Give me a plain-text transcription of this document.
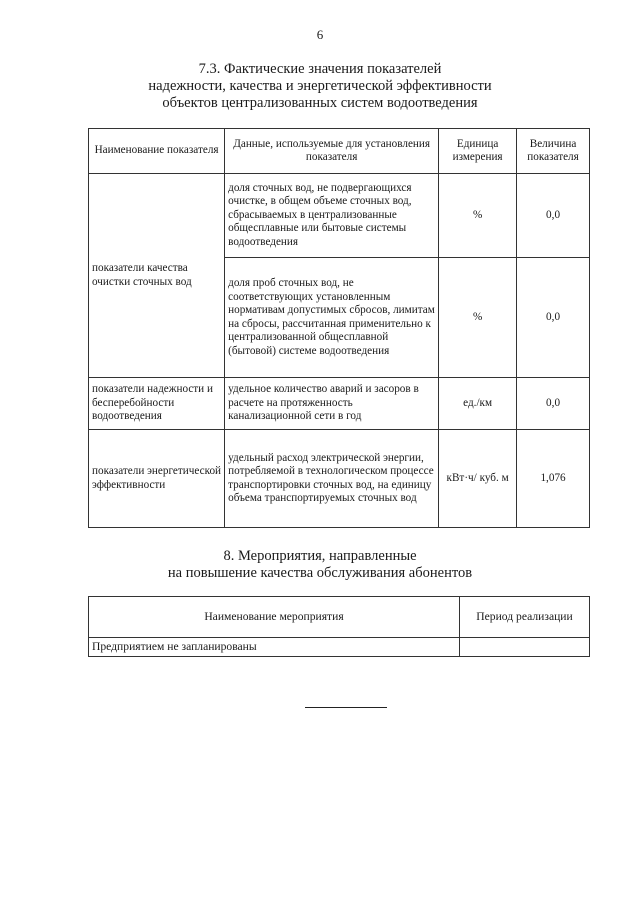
6
7.3. Фактические значения показателей
надежности, качества и энергетической эффективности
объектов централизованных систем водоотведения
Наименование показателя	Данные, используемые для установления показателя	Единица измерения	Величина показателя
показатели качества очистки сточных вод	доля сточных вод, не подвергающихся очистке, в общем объеме сточных вод, сбрасываемых в централизованные общесплавные или бытовые системы водоотведения	%	0,0
	доля проб сточных вод, не соответствующих установленным нормативам допустимых сбросов, лимитам на сбросы, рассчитанная применительно к централизованной общесплавной (бытовой) системе водоотведения	%	0,0
показатели надежности и бесперебойности водоотведения	удельное количество аварий и засоров в расчете на протяженность канализационной сети в год	ед./км	0,0
показатели энергетической эффективности	удельный расход электрической энергии, потребляемой в технологическом процессе транспортировки сточных вод, на единицу объема транспортируемых сточных вод	кВт·ч/ куб. м	1,076
8. Мероприятия, направленные
на повышение качества обслуживания абонентов
Наименование мероприятия	Период реализации
Предприятием не запланированы	
